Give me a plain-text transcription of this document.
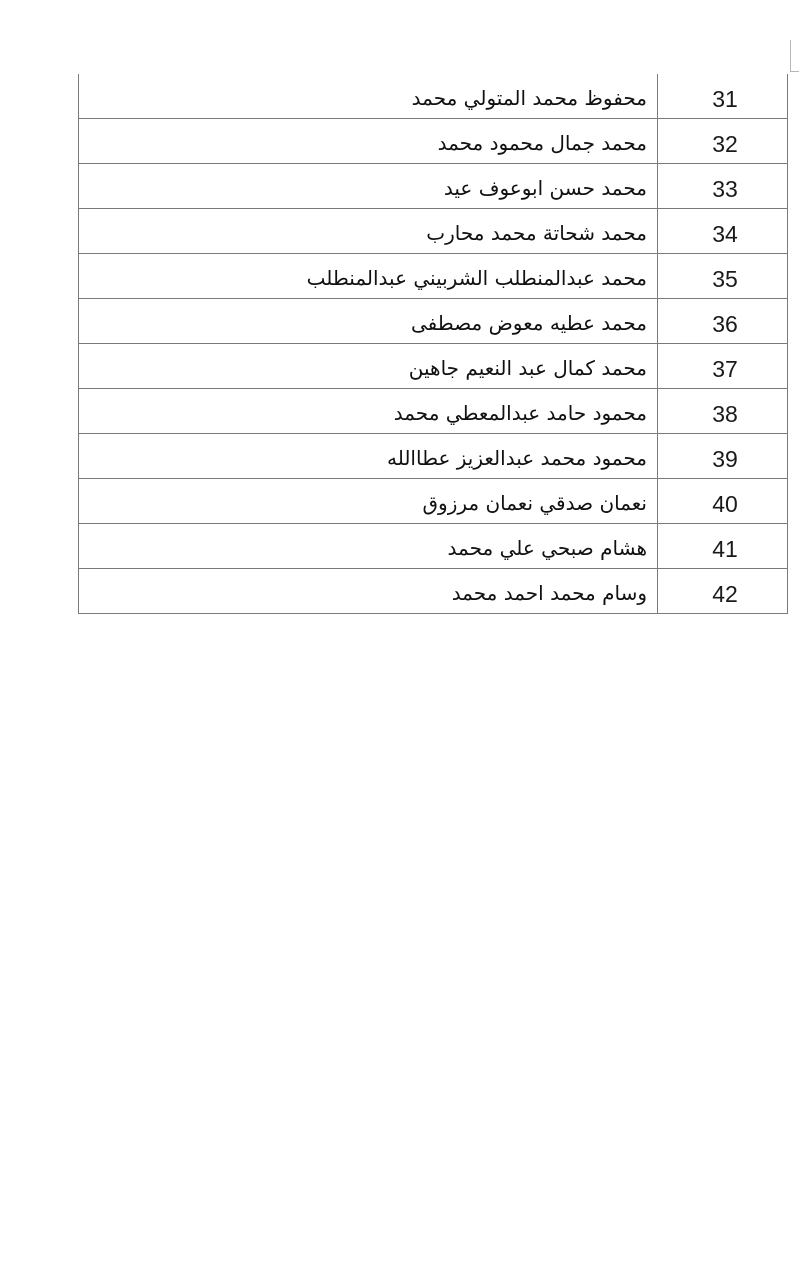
31
محفوظ محمد المتولي محمد
32
محمد جمال محمود محمد
33
محمد حسن ابوعوف عيد
34
محمد شحاتة محمد محارب
35
محمد عبدالمنطلب الشربيني عبدالمنطلب
36
محمد عطيه معوض مصطفى
37
محمد كمال عبد النعيم جاهين
38
محمود حامد عبدالمعطي محمد
39
محمود محمد عبدالعزيز عطاالله
40
نعمان صدقي نعمان مرزوق
41
هشام صبحي علي محمد
42
وسام محمد احمد محمد
